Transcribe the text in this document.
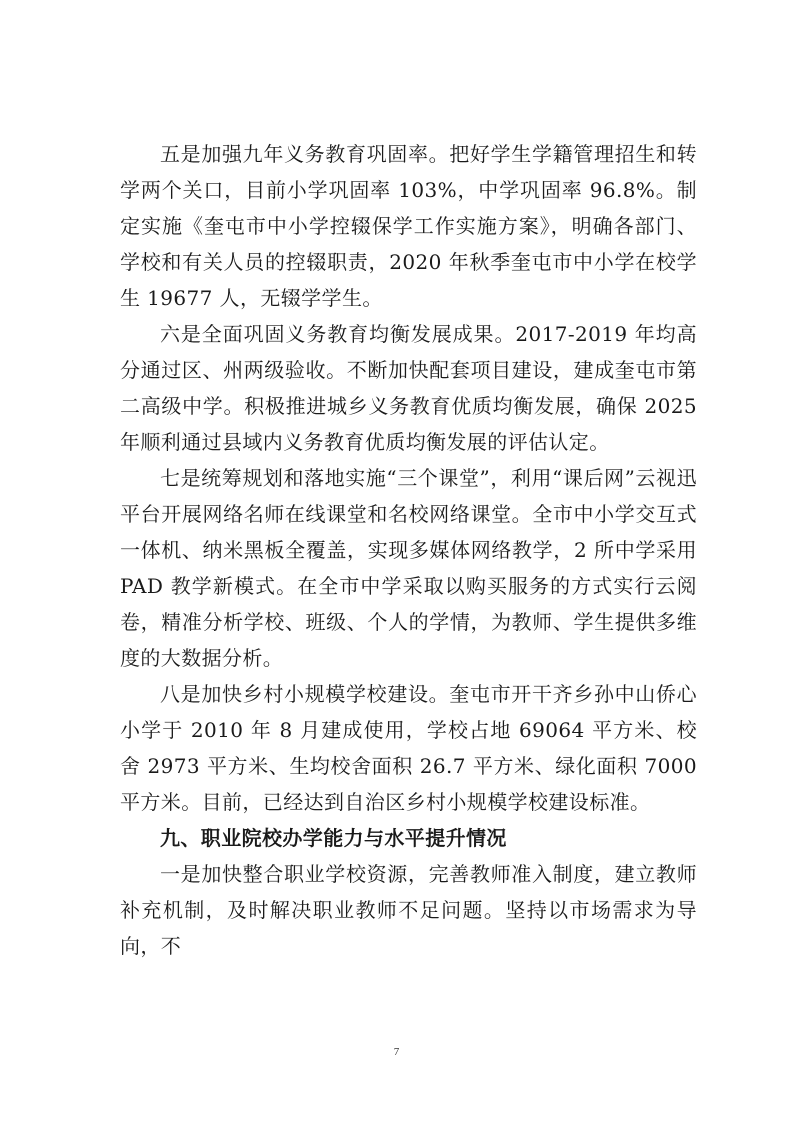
五是加强九年义务教育巩固率。把好学生学籍管理招生和转学两个关口，目前小学巩固率 103%，中学巩固率 96.8%。制定实施《奎屯市中小学控辍保学工作实施方案》，明确各部门、学校和有关人员的控辍职责，2020 年秋季奎屯市中小学在校学生 19677 人，无辍学学生。

六是全面巩固义务教育均衡发展成果。2017-2019 年均高分通过区、州两级验收。不断加快配套项目建设，建成奎屯市第二高级中学。积极推进城乡义务教育优质均衡发展，确保 2025 年顺利通过县域内义务教育优质均衡发展的评估认定。

七是统筹规划和落地实施“三个课堂”，利用“课后网”云视迅平台开展网络名师在线课堂和名校网络课堂。全市中小学交互式一体机、纳米黑板全覆盖，实现多媒体网络教学，2 所中学采用 PAD 教学新模式。在全市中学采取以购买服务的方式实行云阅卷，精准分析学校、班级、个人的学情，为教师、学生提供多维度的大数据分析。

八是加快乡村小规模学校建设。奎屯市开干齐乡孙中山侨心小学于 2010 年 8 月建成使用，学校占地 69064 平方米、校舍 2973 平方米、生均校舍面积 26.7 平方米、绿化面积 7000 平方米。目前，已经达到自治区乡村小规模学校建设标准。

九、职业院校办学能力与水平提升情况

一是加快整合职业学校资源，完善教师准入制度，建立教师补充机制，及时解决职业教师不足问题。坚持以市场需求为导向，不

7
